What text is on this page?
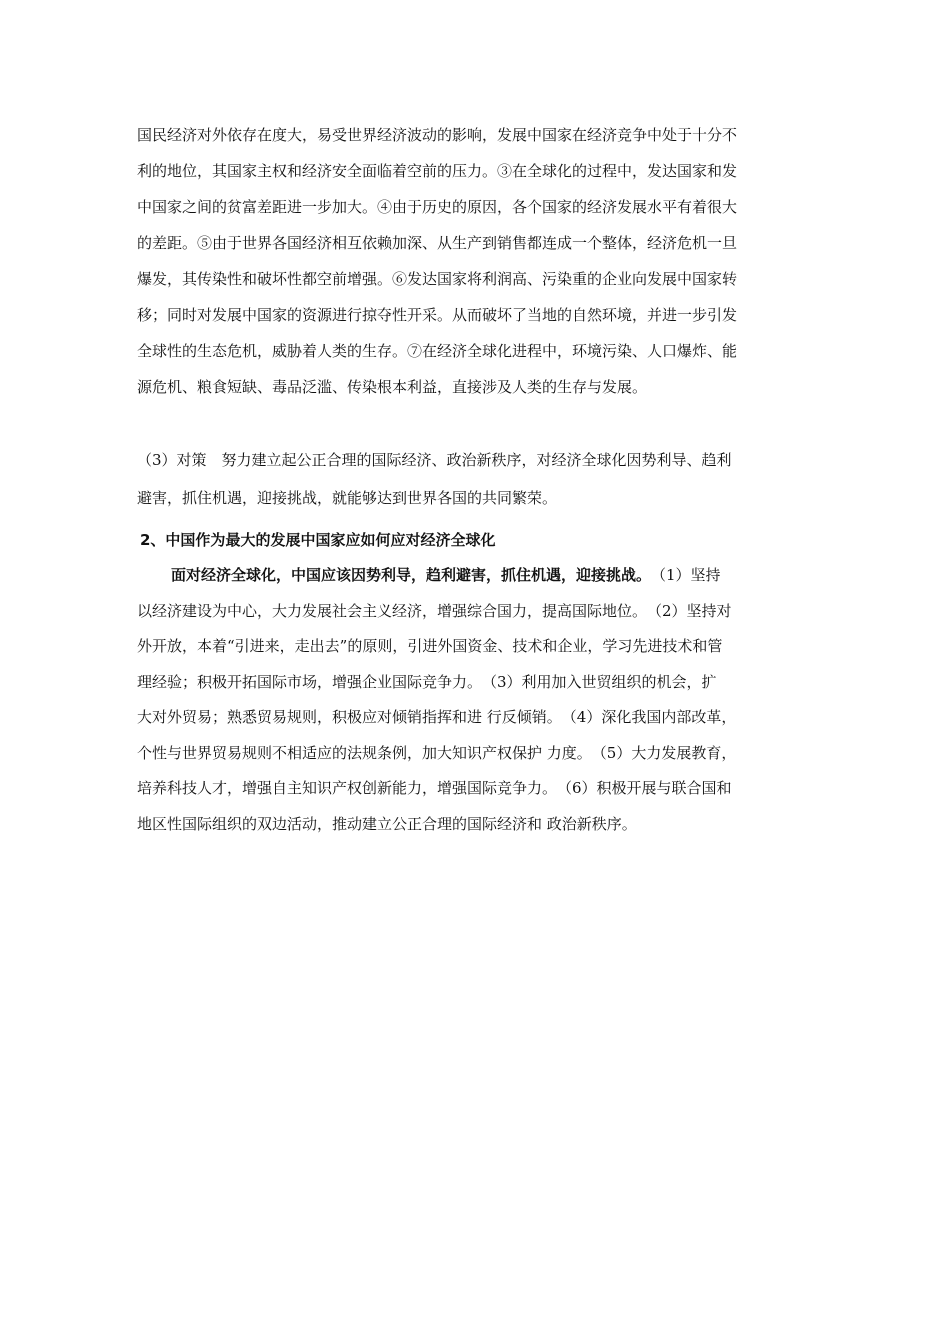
国民经济对外依存在度大，易受世界经济波动的影响，发展中国家在经济竞争中处于十分不
利的地位，其国家主权和经济安全面临着空前的压力。③在全球化的过程中，发达国家和发
中国家之间的贫富差距进一步加大。④由于历史的原因，各个国家的经济发展水平有着很大
的差距。⑤由于世界各国经济相互依赖加深、从生产到销售都连成一个整体，经济危机一旦
爆发，其传染性和破坏性都空前增强。⑥发达国家将利润高、污染重的企业向发展中国家转
移；同时对发展中国家的资源进行掠夺性开采。从而破坏了当地的自然环境，并进一步引发
全球性的生态危机，威胁着人类的生存。⑦在经济全球化进程中，环境污染、人口爆炸、能
源危机、粮食短缺、毒品泛滥、传染根本利益，直接涉及人类的生存与发展。
（3）对策　努力建立起公正合理的国际经济、政治新秩序，对经济全球化因势利导、趋利
避害，抓住机遇，迎接挑战，就能够达到世界各国的共同繁荣。
2、中国作为最大的发展中国家应如何应对经济全球化
面对经济全球化，中国应该因势利导，趋利避害，抓住机遇，迎接挑战。　（1）坚持
以经济建设为中心，大力发展社会主义经济，增强综合国力，提高国际地位。　（2）坚持对
外开放，本着“引进来，走出去”的原则，引进外国资金、技术和企业，学习先进技术和管
理经验；积极开拓国际市场，增强企业国际竞争力。　（3）利用加入世贸组织的机会，扩
大对外贸易；熟悉贸易规则，积极应对倾销指挥和进 行反倾销。　（4）深化我国内部改革，
个性与世界贸易规则不相适应的法规条例，加大知识产权保护 力度。　（5）大力发展教育，
培养科技人才，增强自主知识产权创新能力，增强国际竞争力。　（6）积极开展与联合国和
地区性国际组织的双边活动，推动建立公正合理的国际经济和 政治新秩序。
